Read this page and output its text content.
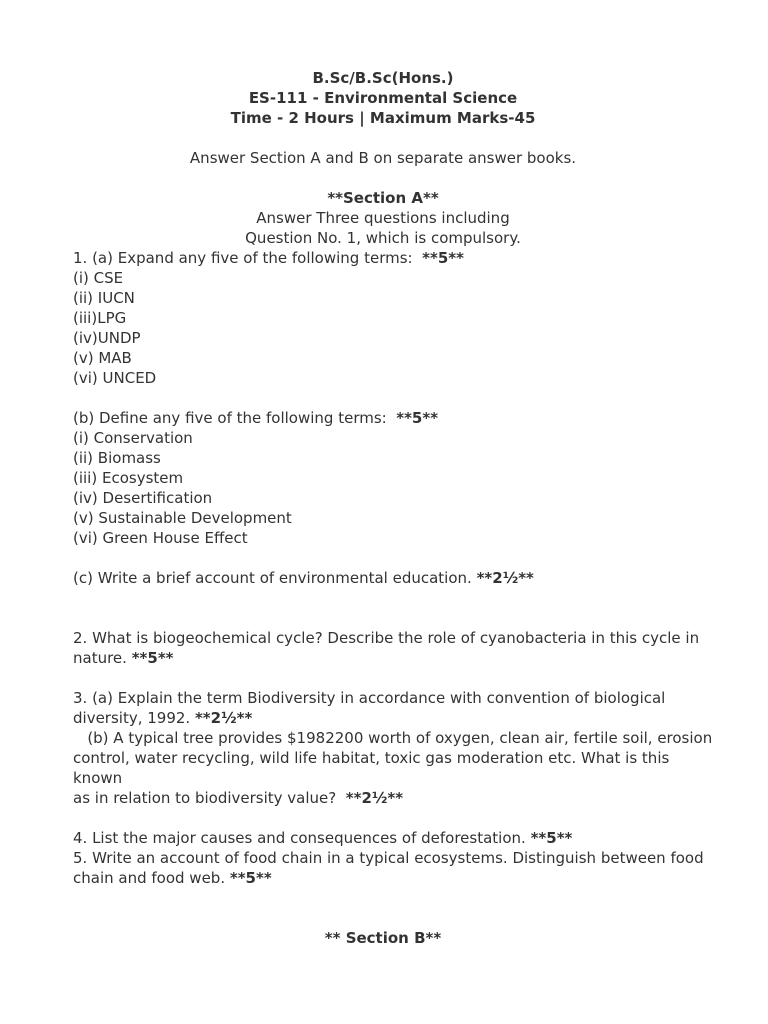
B.Sc/B.Sc(Hons.)
ES-111 - Environmental Science
Time - 2 Hours | Maximum Marks-45
Answer Section A and B on separate answer books.
**Section A**
Answer Three questions including
Question No. 1, which is compulsory.
1. (a) Expand any five of the following terms:  **5**
(i) CSE
(ii) IUCN
(iii)LPG
(iv)UNDP
(v) MAB
(vi) UNCED
(b) Define any five of the following terms:  **5**
(i) Conservation
(ii) Biomass
(iii) Ecosystem
(iv) Desertification
(v) Sustainable Development
(vi) Green House Effect
(c) Write a brief account of environmental education. **2½**
2. What is biogeochemical cycle? Describe the role of cyanobacteria in this cycle in
nature. **5**
3. (a) Explain the term Biodiversity in accordance with convention of biological
diversity, 1992. **2½**
(b) A typical tree provides $1982200 worth of oxygen, clean air, fertile soil, erosion
control, water recycling, wild life habitat, toxic gas moderation etc. What is this known
as in relation to biodiversity value?  **2½**
4. List the major causes and consequences of deforestation. **5**
5. Write an account of food chain in a typical ecosystems. Distinguish between food
chain and food web. **5**
** Section B**
